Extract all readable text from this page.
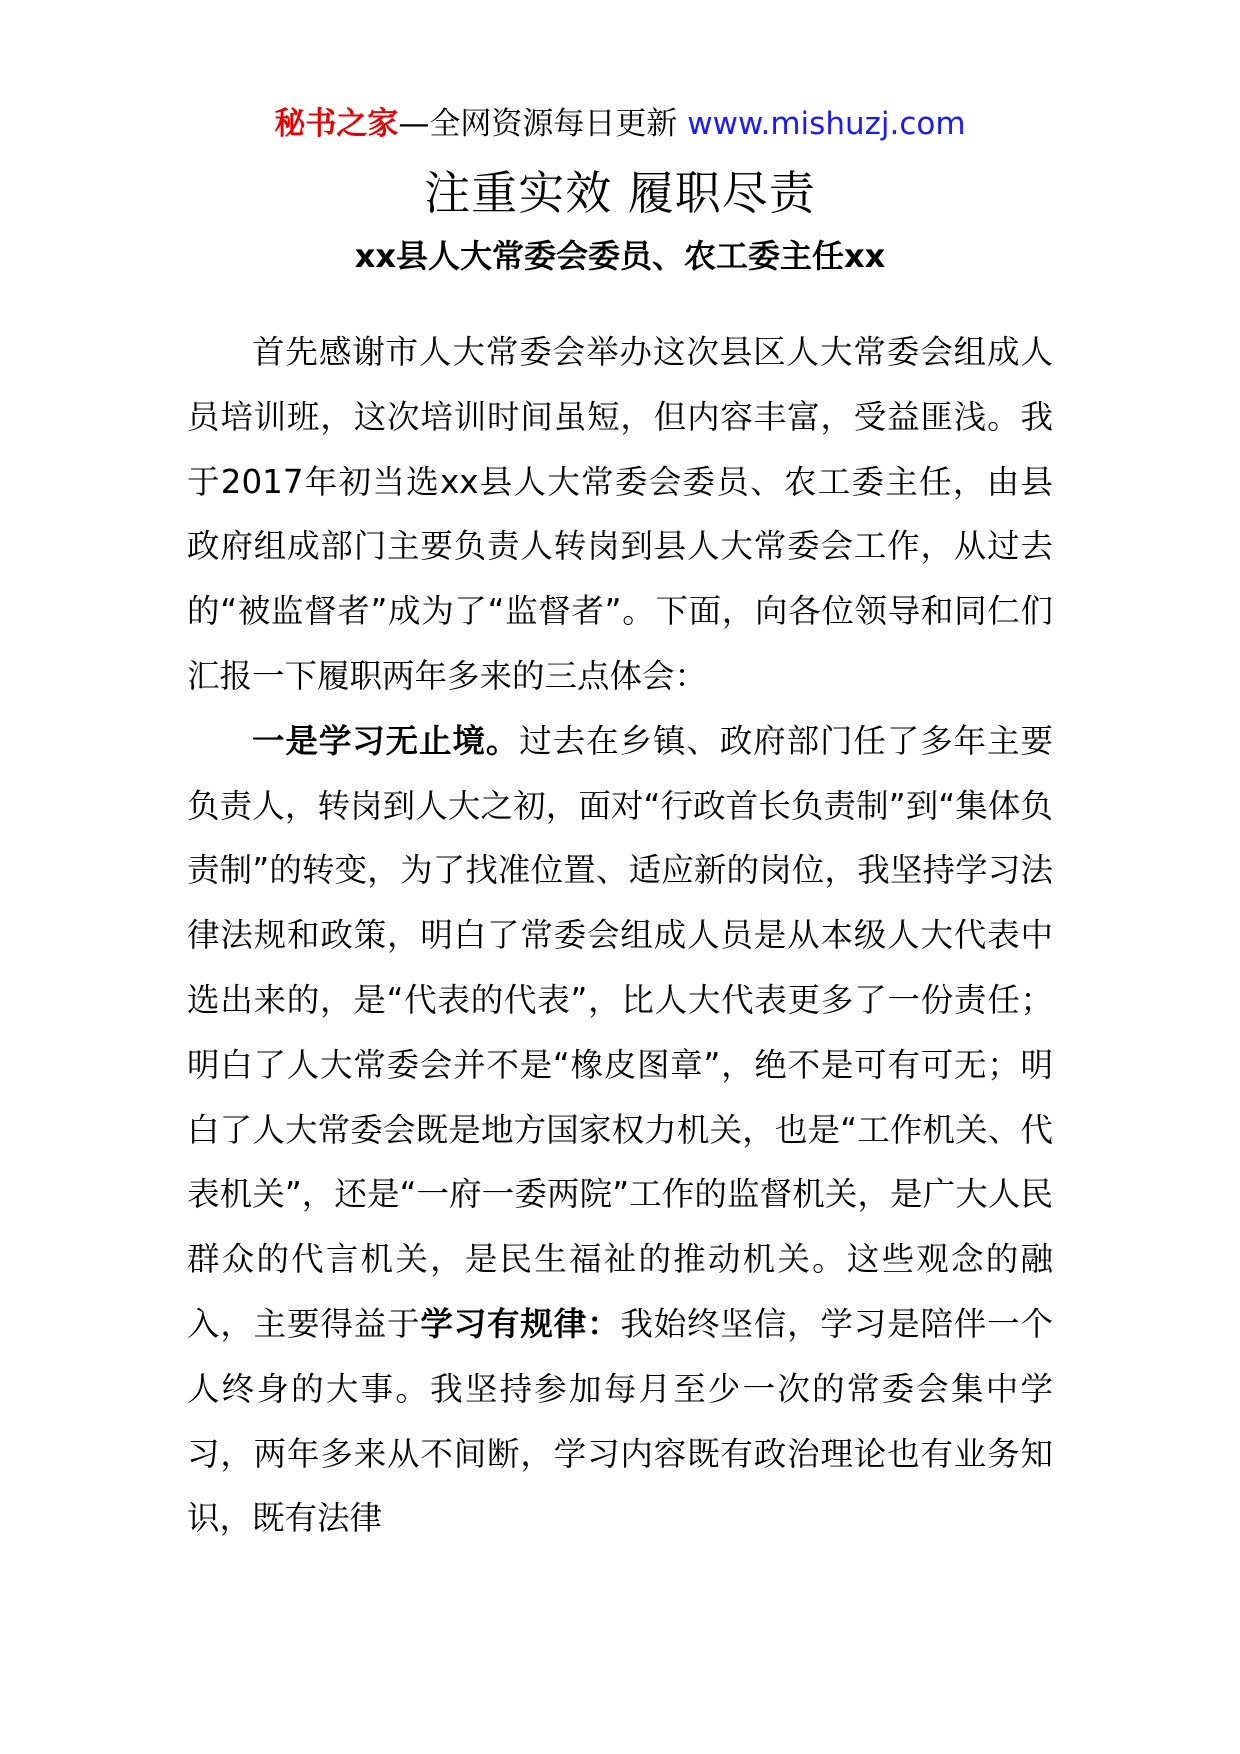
秘书之家—全网资源每日更新 www.mishuzj.com
注重实效 履职尽责
xx县人大常委会委员、农工委主任xx

首先感谢市人大常委会举办这次县区人大常委会组成人员培训班，这次培训时间虽短，但内容丰富，受益匪浅。我于2017年初当选xx县人大常委会委员、农工委主任，由县政府组成部门主要负责人转岗到县人大常委会工作，从过去的“被监督者”成为了“监督者”。下面，向各位领导和同仁们汇报一下履职两年多来的三点体会：

一是学习无止境。过去在乡镇、政府部门任了多年主要负责人，转岗到人大之初，面对“行政首长负责制”到“集体负责制”的转变，为了找准位置、适应新的岗位，我坚持学习法律法规和政策，明白了常委会组成人员是从本级人大代表中选出来的，是“代表的代表”，比人大代表更多了一份责任；明白了人大常委会并不是“橡皮图章”，绝不是可有可无；明白了人大常委会既是地方国家权力机关，也是“工作机关、代表机关”，还是“一府一委两院”工作的监督机关，是广大人民群众的代言机关，是民生福祉的推动机关。这些观念的融入，主要得益于学习有规律：我始终坚信，学习是陪伴一个人终身的大事。我坚持参加每月至少一次的常委会集中学习，两年多来从不间断，学习内容既有政治理论也有业务知识，既有法律
